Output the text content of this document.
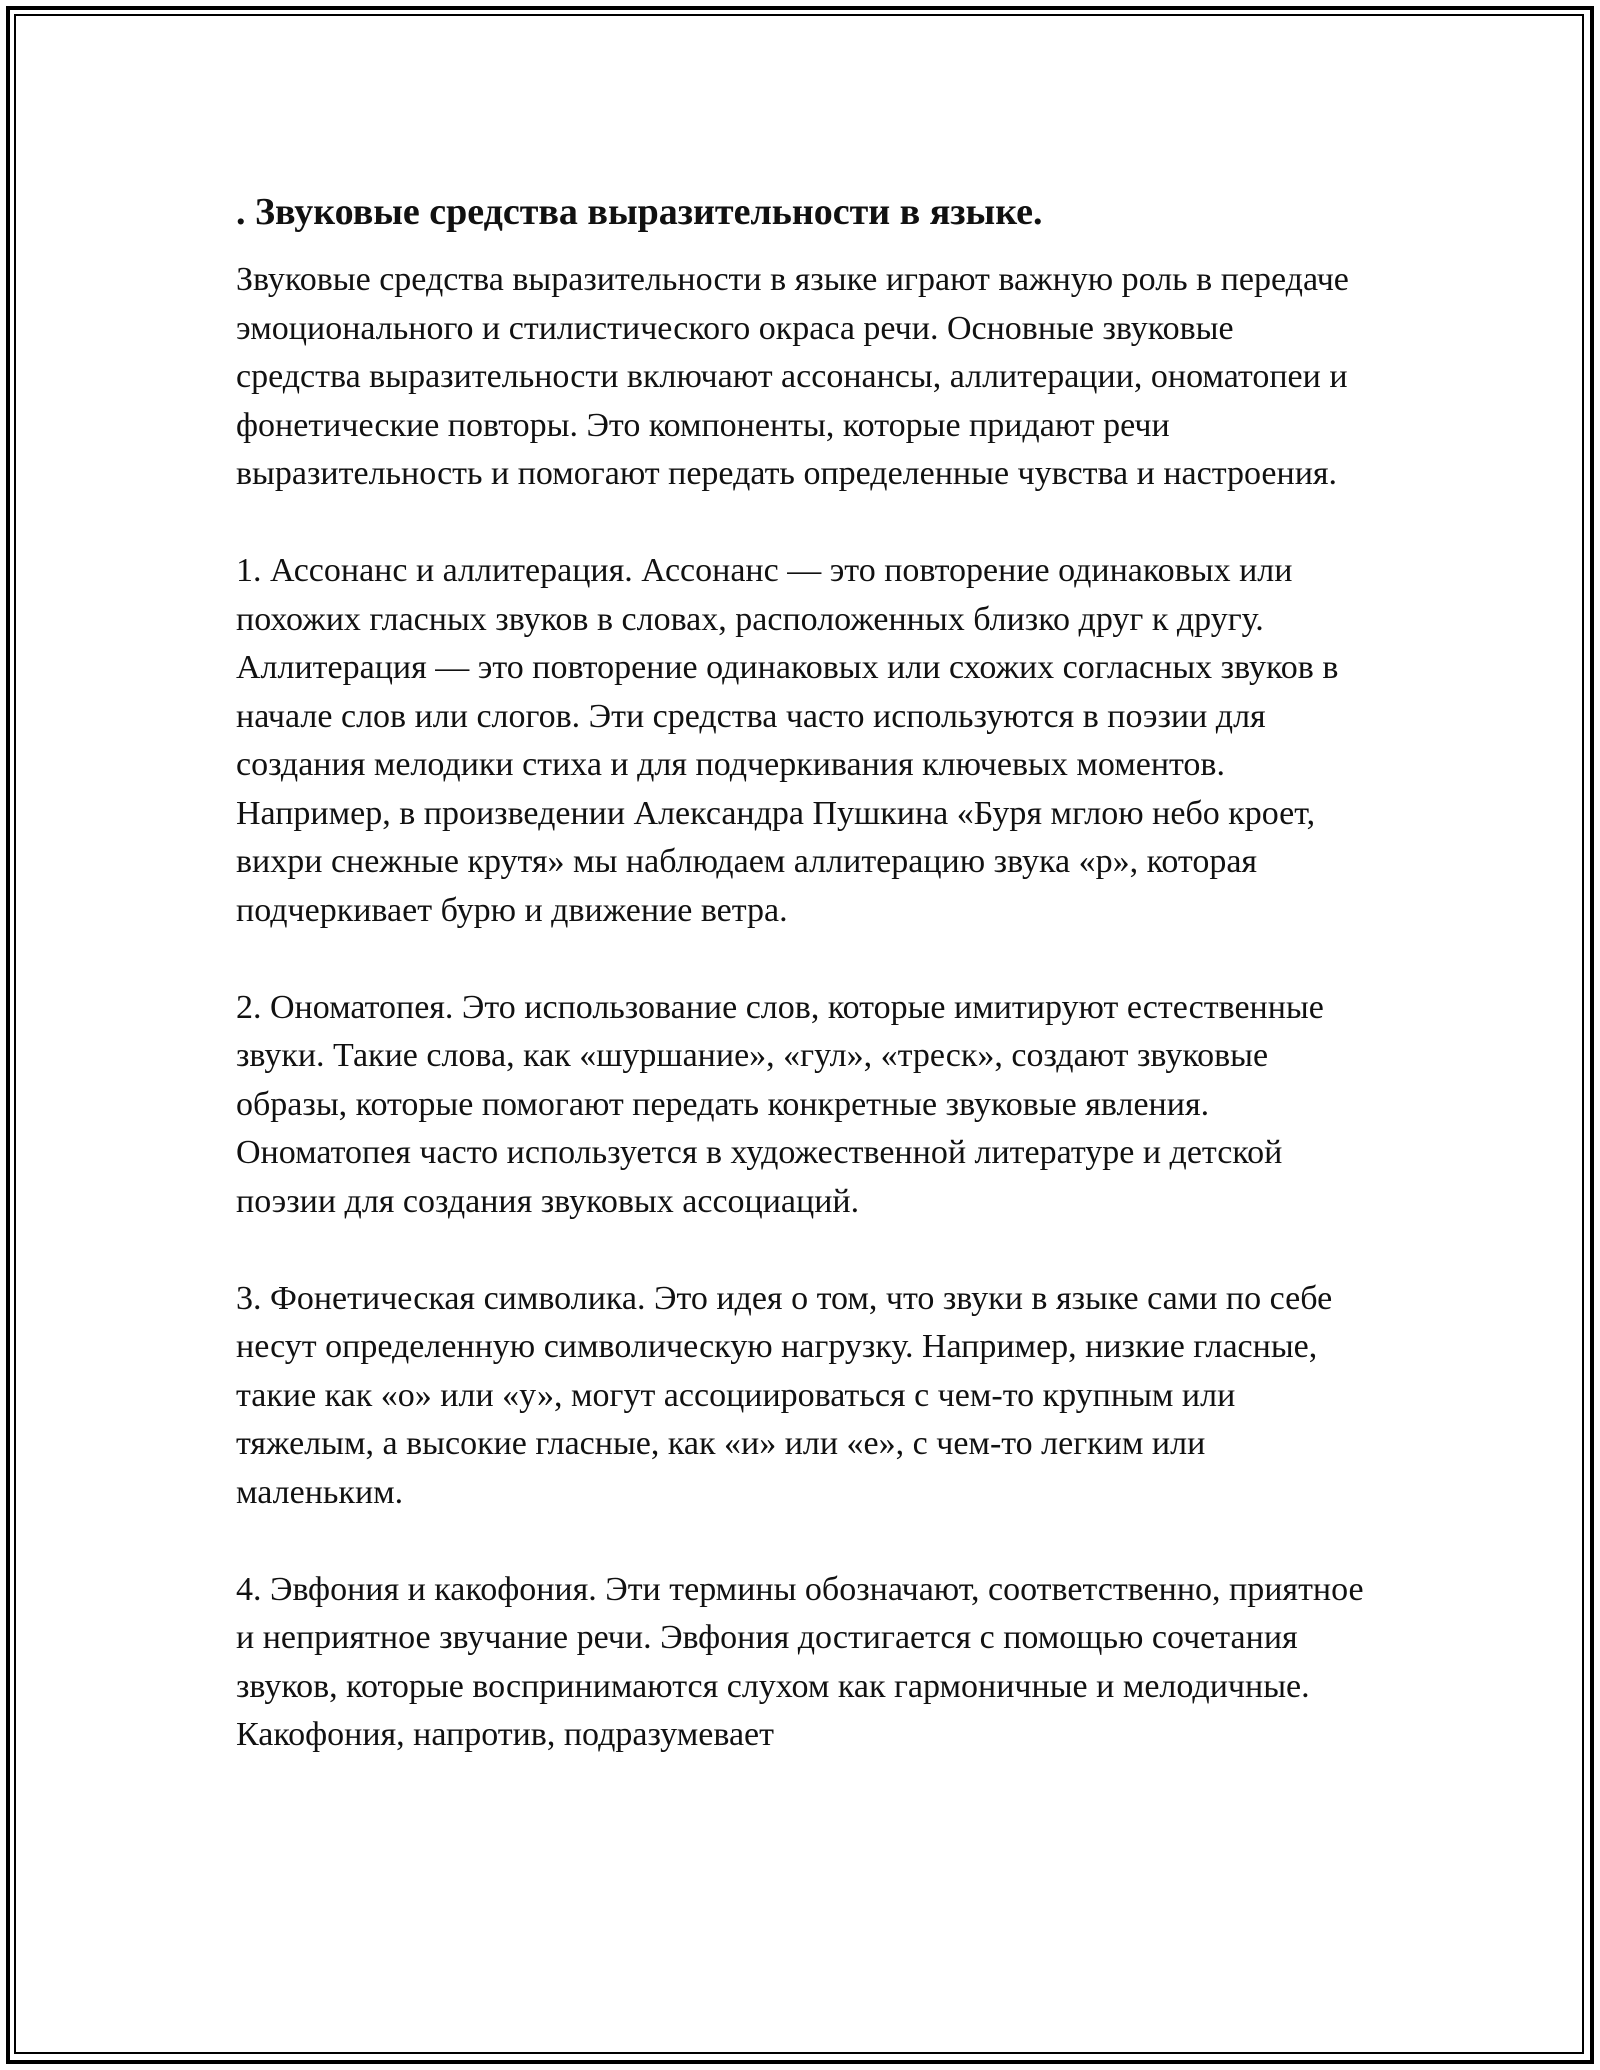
. Звуковые средства выразительности в языке.

Звуковые средства выразительности в языке играют важную роль в передаче эмоционального и стилистического окраса речи. Основные звуковые средства выразительности включают ассонансы, аллитерации, ономатопеи и фонетические повторы. Это компоненты, которые придают речи выразительность и помогают передать определенные чувства и настроения.

1. Ассонанс и аллитерация. Ассонанс — это повторение одинаковых или похожих гласных звуков в словах, расположенных близко друг к другу. Аллитерация — это повторение одинаковых или схожих согласных звуков в начале слов или слогов. Эти средства часто используются в поэзии для создания мелодики стиха и для подчеркивания ключевых моментов. Например, в произведении Александра Пушкина «Буря мглою небо кроет, вихри снежные крутя» мы наблюдаем аллитерацию звука «р», которая подчеркивает бурю и движение ветра.

2. Ономатопея. Это использование слов, которые имитируют естественные звуки. Такие слова, как «шуршание», «гул», «треск», создают звуковые образы, которые помогают передать конкретные звуковые явления. Ономатопея часто используется в художественной литературе и детской поэзии для создания звуковых ассоциаций.

3. Фонетическая символика. Это идея о том, что звуки в языке сами по себе несут определенную символическую нагрузку. Например, низкие гласные, такие как «о» или «у», могут ассоциироваться с чем-то крупным или тяжелым, а высокие гласные, как «и» или «е», с чем-то легким или маленьким.

4. Эвфония и какофония. Эти термины обозначают, соответственно, приятное и неприятное звучание речи. Эвфония достигается с помощью сочетания звуков, которые воспринимаются слухом как гармоничные и мелодичные. Какофония, напротив, подразумевает
